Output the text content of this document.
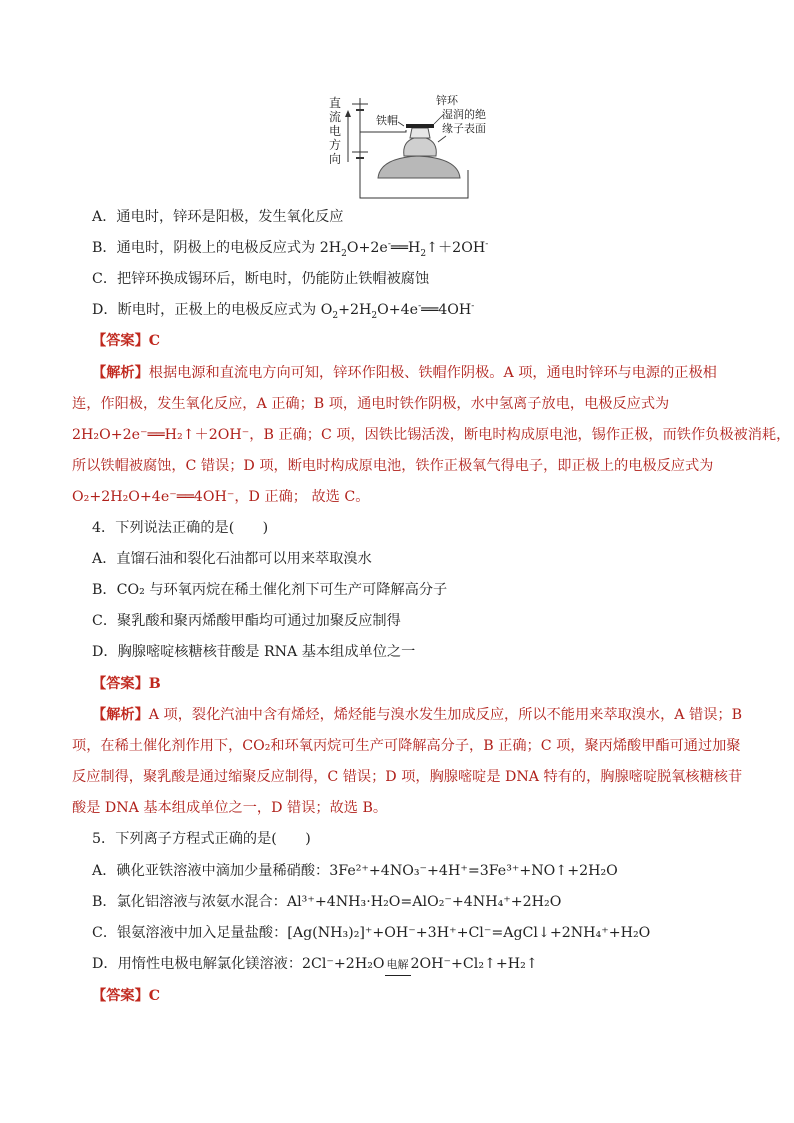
直流电方向
锌环
铁帽	湿润的绝
缘子表面
A．通电时，锌环是阳极，发生氧化反应
B．通电时，阴极上的电极反应式为 $2H_2O+2e^-══H_2↑+2OH^-$
C．把锌环换成锡环后，断电时，仍能防止铁帽被腐蚀
D．断电时，正极上的电极反应式为 $O_2+2H_2O+4e^-══4OH^-$
【答案】C
【解析】根据电源和直流电方向可知，锌环作阳极、铁帽作阴极。A 项，通电时锌环与电源的正极相
连，作阳极，发生氧化反应，A 正确；B 项，通电时铁作阴极，水中氢离子放电，电极反应式为
2H₂O+2e⁻══H₂↑＋2OH⁻，B 正确；C 项，因铁比锡活泼，断电时构成原电池，锡作正极，而铁作负极被消耗，
所以铁帽被腐蚀，C 错误；D 项，断电时构成原电池，铁作正极氧气得电子，即正极上的电极反应式为
O₂+2H₂O+4e⁻══4OH⁻，D 正确； 故选 C。
4．下列说法正确的是(　　)
A．直馏石油和裂化石油都可以用来萃取溴水
B．CO₂ 与环氧丙烷在稀土催化剂下可生产可降解高分子
C．聚乳酸和聚丙烯酸甲酯均可通过加聚反应制得
D．胸腺嘧啶核糖核苷酸是 RNA 基本组成单位之一
【答案】B
【解析】A 项，裂化汽油中含有烯烃，烯烃能与溴水发生加成反应，所以不能用来萃取溴水，A 错误；B
项，在稀土催化剂作用下，CO₂和环氧丙烷可生产可降解高分子，B 正确；C 项，聚丙烯酸甲酯可通过加聚
反应制得，聚乳酸是通过缩聚反应制得，C 错误；D 项，胸腺嘧啶是 DNA 特有的，胸腺嘧啶脱氧核糖核苷
酸是 DNA 基本组成单位之一，D 错误；故选 B。
5．下列离子方程式正确的是(　　)
A．碘化亚铁溶液中滴加少量稀硝酸：3Fe²⁺+4NO₃⁻+4H⁺=3Fe³⁺+NO↑+2H₂O
B．氯化铝溶液与浓氨水混合：Al³⁺+4NH₃·H₂O=AlO₂⁻+4NH₄⁺+2H₂O
C．银氨溶液中加入足量盐酸：[Ag(NH₃)₂]⁺+OH⁻+3H⁺+Cl⁻=AgCl↓+2NH₄⁺+H₂O
D．用惰性电极电解氯化镁溶液：2Cl⁻+2H₂O 电解 2OH⁻+Cl₂↑+H₂↑
【答案】C
